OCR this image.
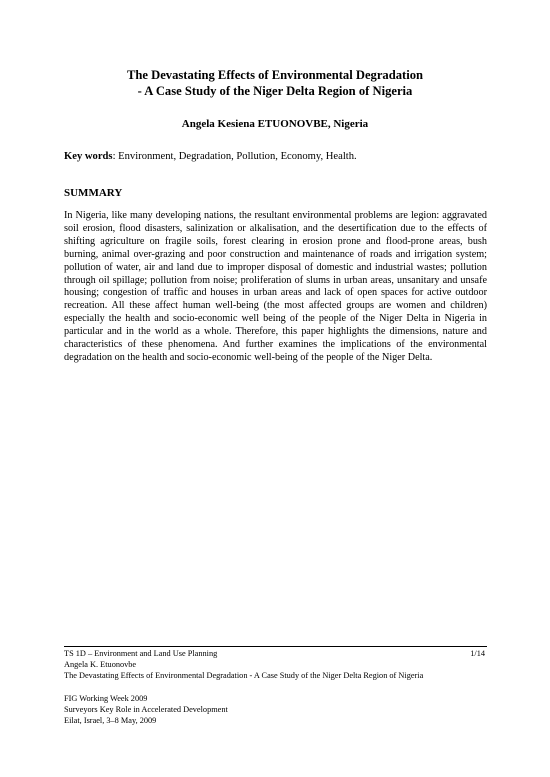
The Devastating Effects of Environmental Degradation
- A Case Study of the Niger Delta Region of Nigeria
Angela Kesiena ETUONOVBE, Nigeria
Key words: Environment, Degradation, Pollution, Economy, Health.
SUMMARY
In Nigeria, like many developing nations, the resultant environmental problems are legion: aggravated soil erosion, flood disasters, salinization or alkalisation, and the desertification due to the effects of shifting agriculture on fragile soils, forest clearing in erosion prone and flood-prone areas, bush burning, animal over-grazing and poor construction and maintenance of roads and irrigation system; pollution of water, air and land due to improper disposal of domestic and industrial wastes; pollution through oil spillage; pollution from noise; proliferation of slums in urban areas, unsanitary and unsafe housing; congestion of traffic and houses in urban areas and lack of open spaces for active outdoor recreation. All these affect human well-being (the most affected groups are women and children) especially the health and socio-economic well being of the people of the Niger Delta in Nigeria in particular and in the world as a whole. Therefore, this paper highlights the dimensions, nature and characteristics of these phenomena. And further examines the implications of the environmental degradation on the health and socio-economic well-being of the people of the Niger Delta.
TS 1D – Environment and Land Use Planning	1/14
Angela K. Etuonovbe
The Devastating Effects of Environmental Degradation - A Case Study of the Niger Delta Region of Nigeria
FIG Working Week 2009
Surveyors Key Role in Accelerated Development
Eilat, Israel, 3–8 May, 2009
